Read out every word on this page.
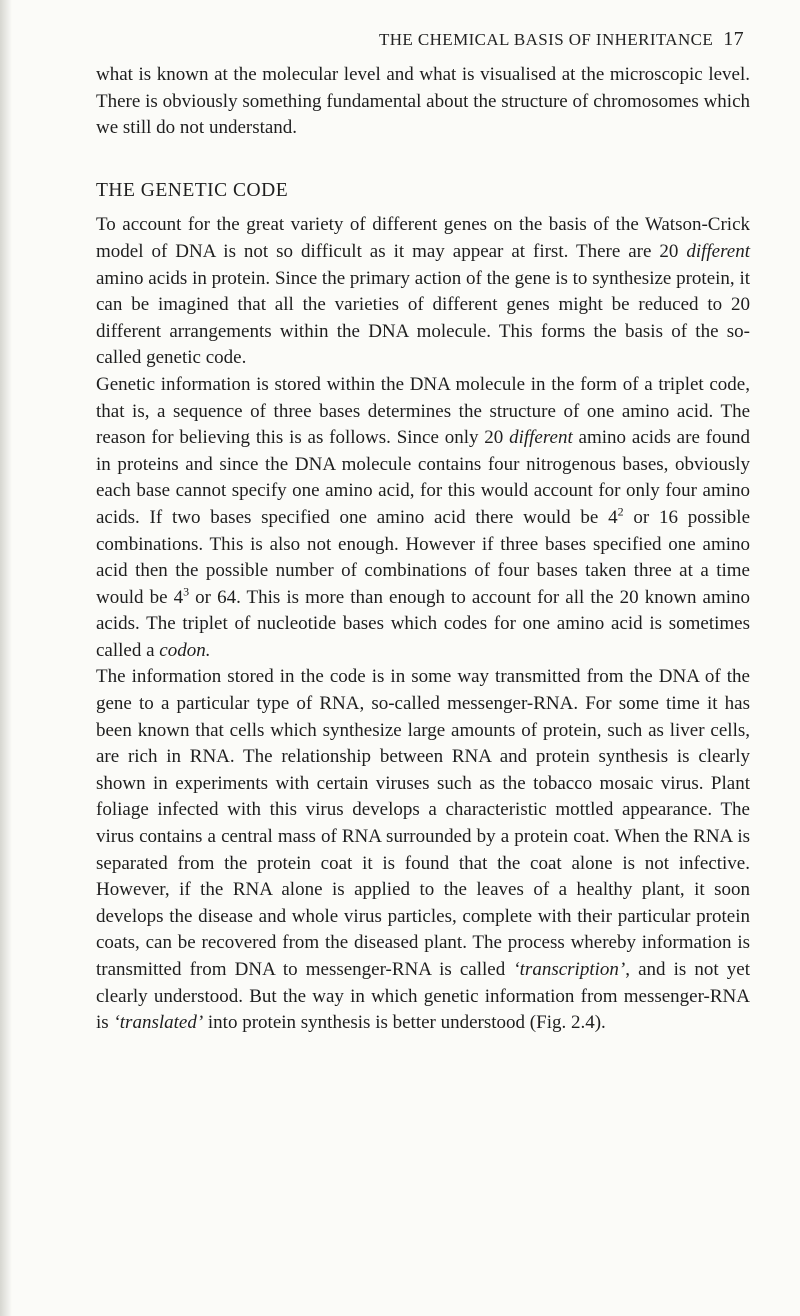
THE CHEMICAL BASIS OF INHERITANCE 17

what is known at the molecular level and what is visualised at the microscopic level. There is obviously something fundamental about the structure of chromosomes which we still do not understand.

THE GENETIC CODE

To account for the great variety of different genes on the basis of the Watson-Crick model of DNA is not so difficult as it may appear at first. There are 20 different amino acids in protein. Since the primary action of the gene is to synthesize protein, it can be imagined that all the varieties of different genes might be reduced to 20 different arrangements within the DNA molecule. This forms the basis of the so-called genetic code.

Genetic information is stored within the DNA molecule in the form of a triplet code, that is, a sequence of three bases determines the structure of one amino acid. The reason for believing this is as follows. Since only 20 different amino acids are found in proteins and since the DNA molecule contains four nitrogenous bases, obviously each base cannot specify one amino acid, for this would account for only four amino acids. If two bases specified one amino acid there would be $4^2$ or 16 possible combinations. This is also not enough. However if three bases specified one amino acid then the possible number of combinations of four bases taken three at a time would be $4^3$ or 64. This is more than enough to account for all the 20 known amino acids. The triplet of nucleotide bases which codes for one amino acid is sometimes called a codon.

The information stored in the code is in some way transmitted from the DNA of the gene to a particular type of RNA, so-called messenger-RNA. For some time it has been known that cells which synthesize large amounts of protein, such as liver cells, are rich in RNA. The relationship between RNA and protein synthesis is clearly shown in experiments with certain viruses such as the tobacco mosaic virus. Plant foliage infected with this virus develops a characteristic mottled appearance. The virus contains a central mass of RNA surrounded by a protein coat. When the RNA is separated from the protein coat it is found that the coat alone is not infective. However, if the RNA alone is applied to the leaves of a healthy plant, it soon develops the disease and whole virus particles, complete with their particular protein coats, can be recovered from the diseased plant. The process whereby information is transmitted from DNA to messenger-RNA is called ‘transcription’, and is not yet clearly understood. But the way in which genetic information from messenger-RNA is ‘translated’ into protein synthesis is better understood (Fig. 2.4).
